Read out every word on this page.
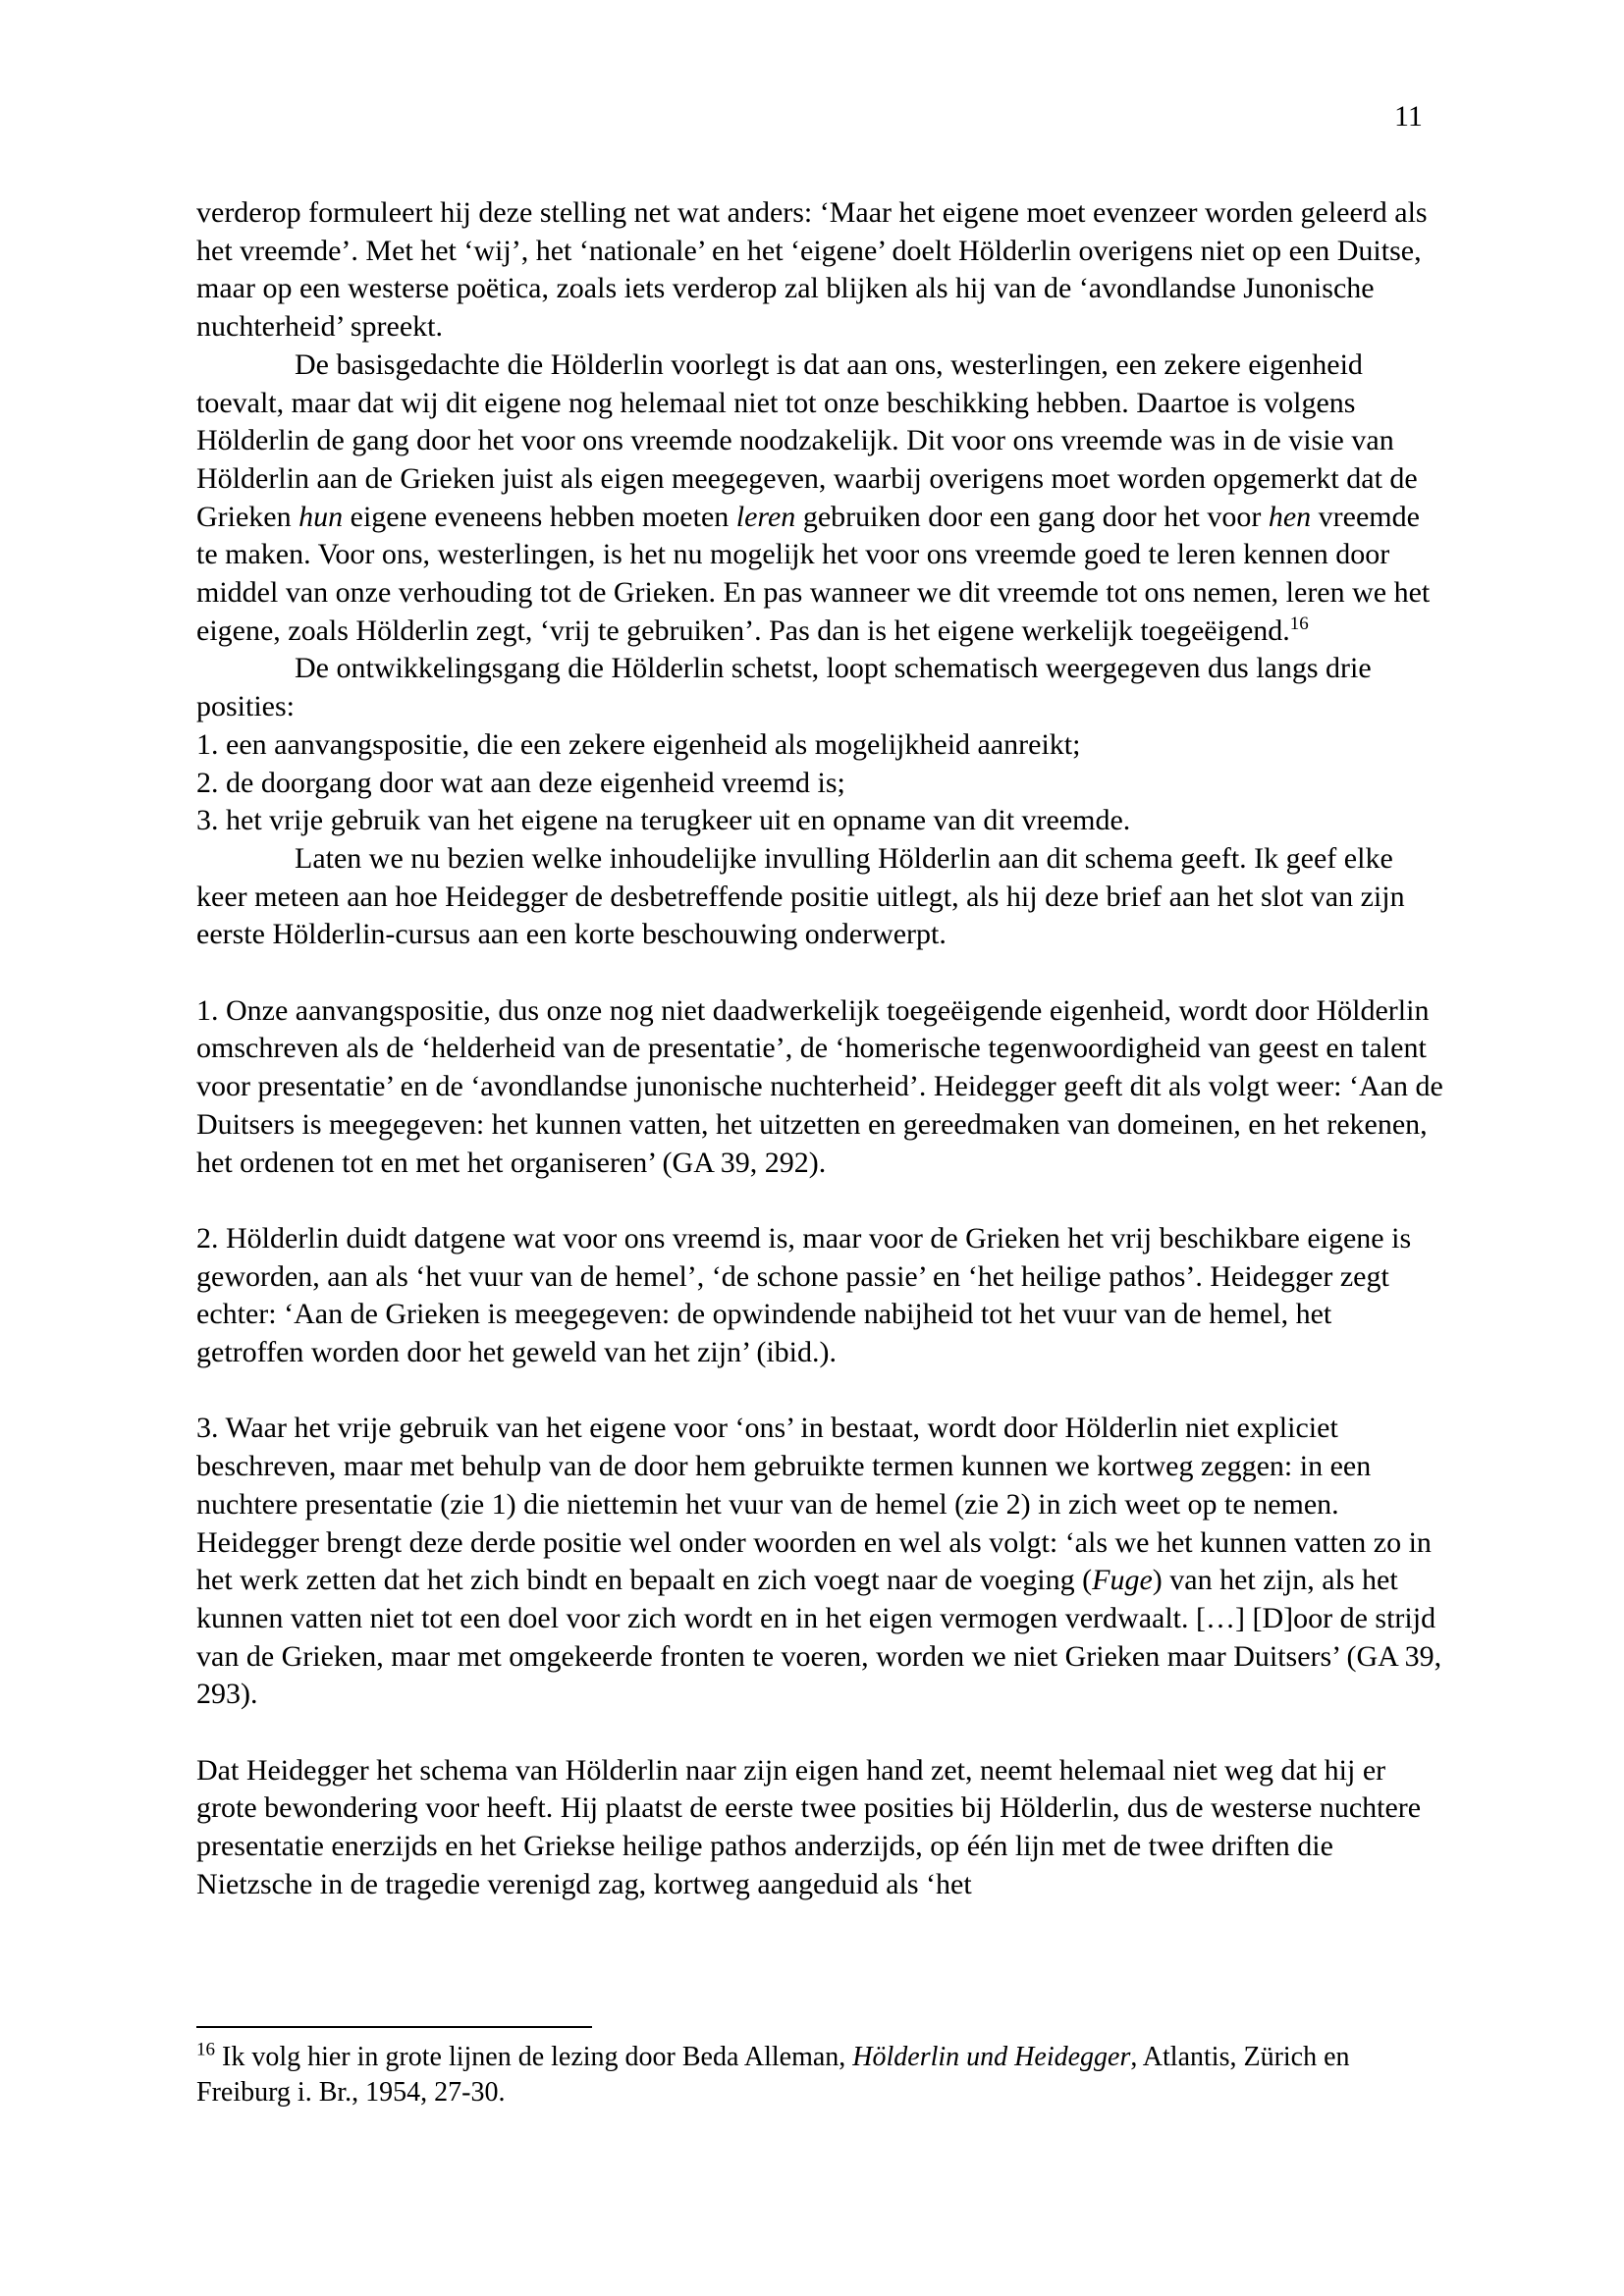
11

verderop formuleert hij deze stelling net wat anders: ‘Maar het eigene moet evenzeer worden geleerd als het vreemde’. Met het ‘wij’, het ‘nationale’ en het ‘eigene’ doelt Hölderlin overigens niet op een Duitse, maar op een westerse poëtica, zoals iets verderop zal blijken als hij van de ‘avondlandse Junonische nuchterheid’ spreekt.

De basisgedachte die Hölderlin voorlegt is dat aan ons, westerlingen, een zekere eigenheid toevalt, maar dat wij dit eigene nog helemaal niet tot onze beschikking hebben. Daartoe is volgens Hölderlin de gang door het voor ons vreemde noodzakelijk. Dit voor ons vreemde was in de visie van Hölderlin aan de Grieken juist als eigen meegegeven, waarbij overigens moet worden opgemerkt dat de Grieken hun eigene eveneens hebben moeten leren gebruiken door een gang door het voor hen vreemde te maken. Voor ons, westerlingen, is het nu mogelijk het voor ons vreemde goed te leren kennen door middel van onze verhouding tot de Grieken. En pas wanneer we dit vreemde tot ons nemen, leren we het eigene, zoals Hölderlin zegt, ‘vrij te gebruiken’. Pas dan is het eigene werkelijk toegeëigend.$^{16}$

De ontwikkelingsgang die Hölderlin schetst, loopt schematisch weergegeven dus langs drie posities:

1. een aanvangspositie, die een zekere eigenheid als mogelijkheid aanreikt;

2. de doorgang door wat aan deze eigenheid vreemd is;

3. het vrije gebruik van het eigene na terugkeer uit en opname van dit vreemde.

Laten we nu bezien welke inhoudelijke invulling Hölderlin aan dit schema geeft. Ik geef elke keer meteen aan hoe Heidegger de desbetreffende positie uitlegt, als hij deze brief aan het slot van zijn eerste Hölderlin-cursus aan een korte beschouwing onderwerpt.

1. Onze aanvangspositie, dus onze nog niet daadwerkelijk toegeëigende eigenheid, wordt door Hölderlin omschreven als de ‘helderheid van de presentatie’, de ‘homerische tegenwoordigheid van geest en talent voor presentatie’ en de ‘avondlandse junonische nuchterheid’. Heidegger geeft dit als volgt weer: ‘Aan de Duitsers is meegegeven: het kunnen vatten, het uitzetten en gereedmaken van domeinen, en het rekenen, het ordenen tot en met het organiseren’ (GA 39, 292).

2. Hölderlin duidt datgene wat voor ons vreemd is, maar voor de Grieken het vrij beschikbare eigene is geworden, aan als ‘het vuur van de hemel’, ‘de schone passie’ en ‘het heilige pathos’. Heidegger zegt echter: ‘Aan de Grieken is meegegeven: de opwindende nabijheid tot het vuur van de hemel, het getroffen worden door het geweld van het zijn’ (ibid.).

3. Waar het vrije gebruik van het eigene voor ‘ons’ in bestaat, wordt door Hölderlin niet expliciet beschreven, maar met behulp van de door hem gebruikte termen kunnen we kortweg zeggen: in een nuchtere presentatie (zie 1) die niettemin het vuur van de hemel (zie 2) in zich weet op te nemen. Heidegger brengt deze derde positie wel onder woorden en wel als volgt: ‘als we het kunnen vatten zo in het werk zetten dat het zich bindt en bepaalt en zich voegt naar de voeging (Fuge) van het zijn, als het kunnen vatten niet tot een doel voor zich wordt en in het eigen vermogen verdwaalt. […] [D]oor de strijd van de Grieken, maar met omgekeerde fronten te voeren, worden we niet Grieken maar Duitsers’ (GA 39, 293).

Dat Heidegger het schema van Hölderlin naar zijn eigen hand zet, neemt helemaal niet weg dat hij er grote bewondering voor heeft. Hij plaatst de eerste twee posities bij Hölderlin, dus de westerse nuchtere presentatie enerzijds en het Griekse heilige pathos anderzijds, op één lijn met de twee driften die Nietzsche in de tragedie verenigd zag, kortweg aangeduid als ‘het

$^{16}$ Ik volg hier in grote lijnen de lezing door Beda Alleman, Hölderlin und Heidegger, Atlantis, Zürich en Freiburg i. Br., 1954, 27-30.
